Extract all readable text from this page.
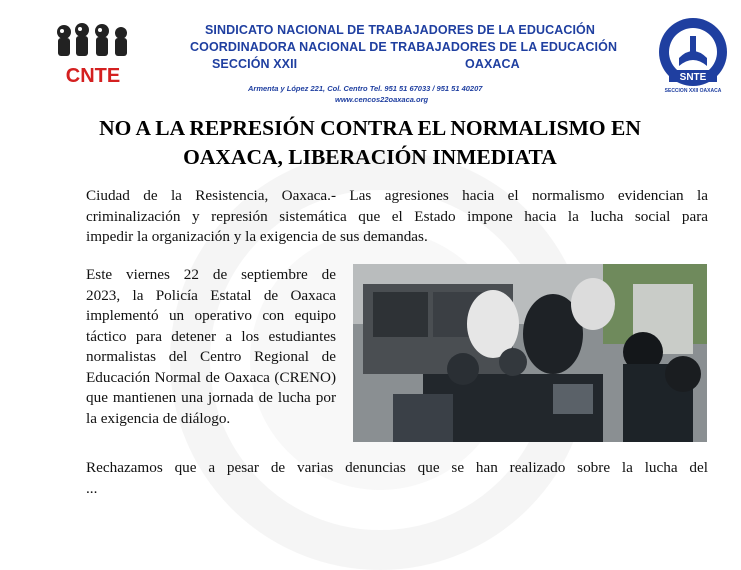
CNTE
SINDICATO NACIONAL DE TRABAJADORES DE LA EDUCACIÓN
COORDINADORA NACIONAL DE TRABAJADORES DE LA EDUCACIÓN
SECCIÓN XXII	OAXACA
Armenta y López 221, Col. Centro Tel. 951 51 67033 / 951 51 40207
www.cencos22oaxaca.org
SNTE
SECCION XXII OAXACA
NO A LA REPRESIÓN CONTRA EL NORMALISMO EN
OAXACA, LIBERACIÓN INMEDIATA
Ciudad de la Resistencia, Oaxaca.- Las agresiones hacia el normalismo evidencian la
criminalización y represión sistemática que el Estado impone hacia la lucha social para
impedir la organización y la exigencia de sus demandas.
Este viernes 22 de septiembre de
2023, la Policía Estatal de Oaxaca
implementó un operativo con equipo
táctico para detener a los estudiantes
normalistas del Centro Regional de
Educación Normal de Oaxaca (CRENO)
que mantienen una jornada de lucha por
la exigencia de diálogo.
Rechazamos que a pesar de varias denuncias que se han realizado sobre la lucha del
...
